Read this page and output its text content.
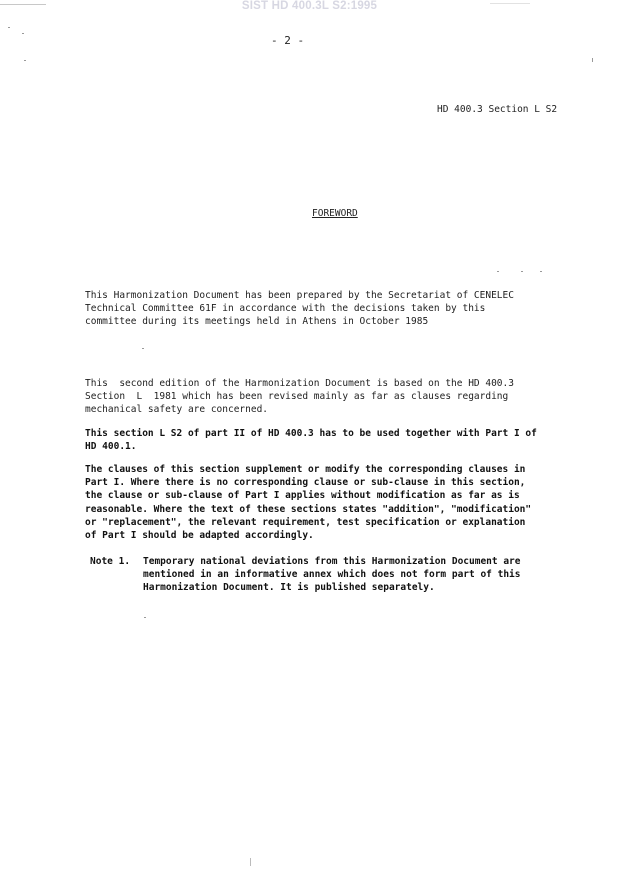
SIST HD 400.3L S2:1995
- 2 -
HD 400.3 Section L S2
FOREWORD
This Harmonization Document has been prepared by the Secretariat of CENELEC
Technical Committee 61F in accordance with the decisions taken by this
committee during its meetings held in Athens in October 1985
This  second edition of the Harmonization Document is based on the HD 400.3
Section  L  1981 which has been revised mainly as far as clauses regarding
mechanical safety are concerned.
This section L S2 of part II of HD 400.3 has to be used together with Part I of
HD 400.1.
The clauses of this section supplement or modify the corresponding clauses in
Part I. Where there is no corresponding clause or sub-clause in this section,
the clause or sub-clause of Part I applies without modification as far as is
reasonable. Where the text of these sections states "addition", "modification"
or "replacement", the relevant requirement, test specification or explanation
of Part I should be adapted accordingly.
Note 1. Temporary national deviations from this Harmonization Document are
mentioned in an informative annex which does not form part of this
Harmonization Document. It is published separately.
